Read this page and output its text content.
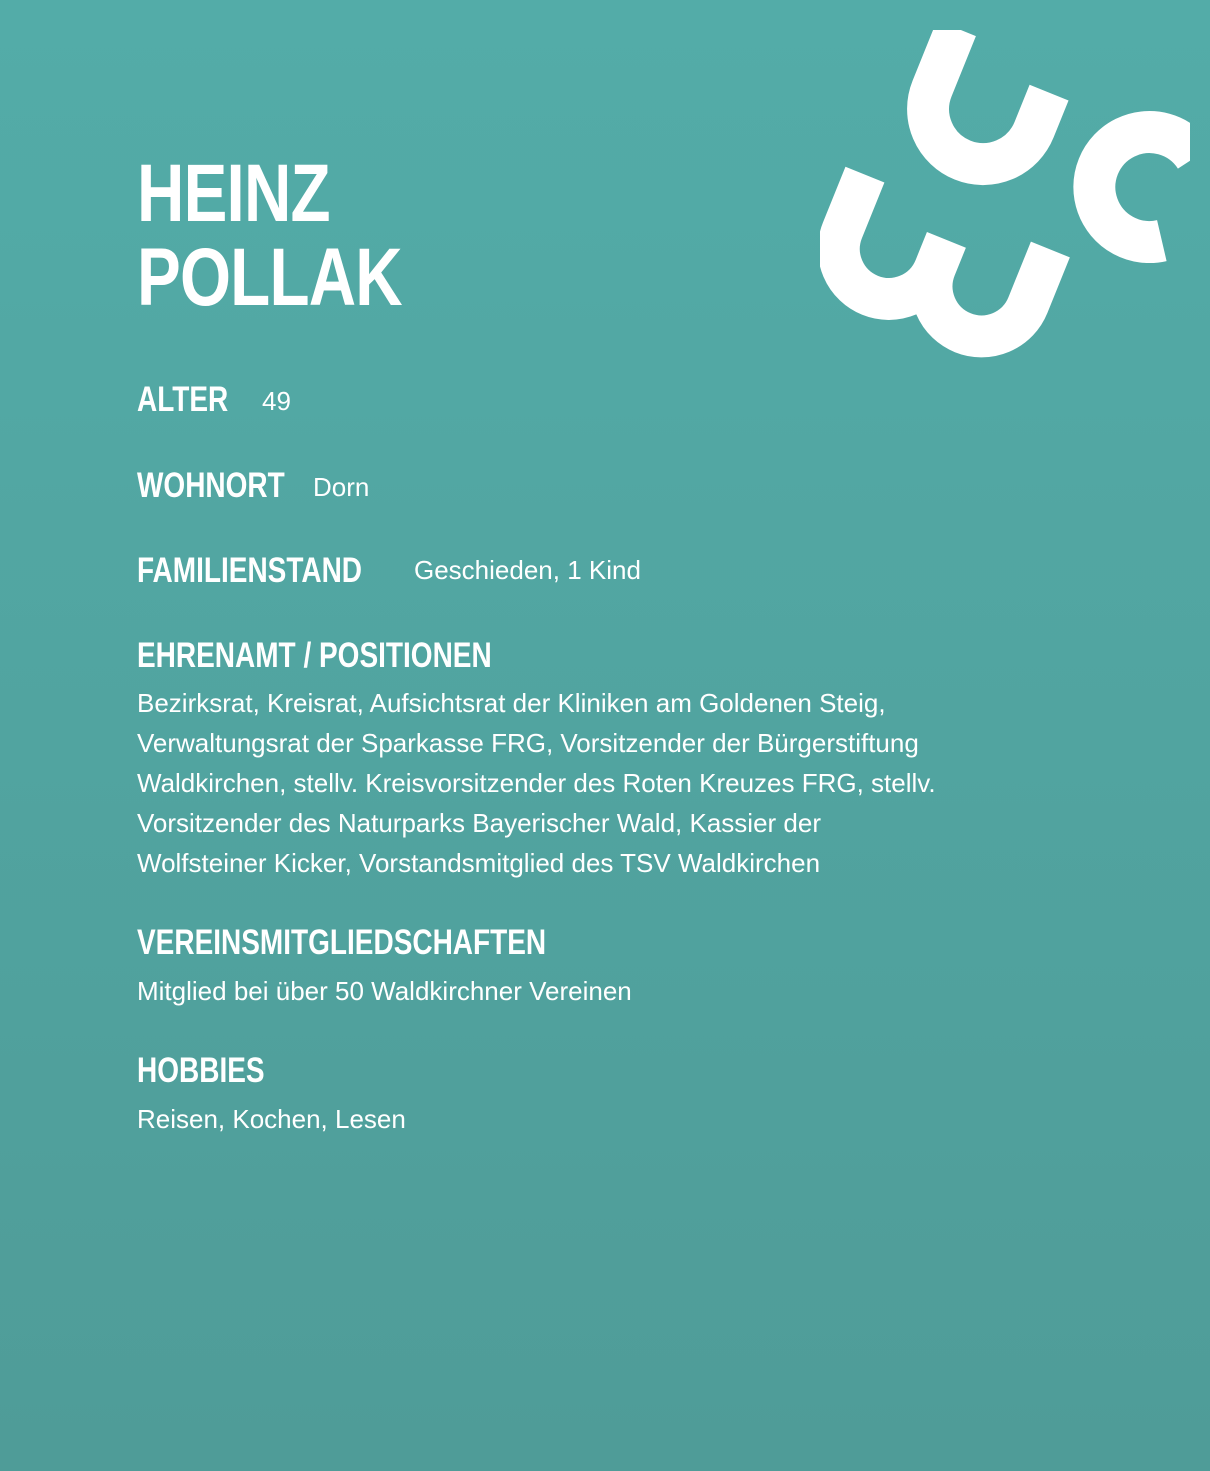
HEINZ
POLLAK
ALTER 49
WOHNORT Dorn
FAMILIENSTAND Geschieden, 1 Kind
EHRENAMT / POSITIONEN
Bezirksrat, Kreisrat, Aufsichtsrat der Kliniken am Goldenen Steig,
Verwaltungsrat der Sparkasse FRG, Vorsitzender der Bürgerstiftung
Waldkirchen, stellv. Kreisvorsitzender des Roten Kreuzes FRG, stellv.
Vorsitzender des Naturparks Bayerischer Wald, Kassier der
Wolfsteiner Kicker, Vorstandsmitglied des TSV Waldkirchen
VEREINSMITGLIEDSCHAFTEN
Mitglied bei über 50 Waldkirchner Vereinen
HOBBIES
Reisen, Kochen, Lesen
